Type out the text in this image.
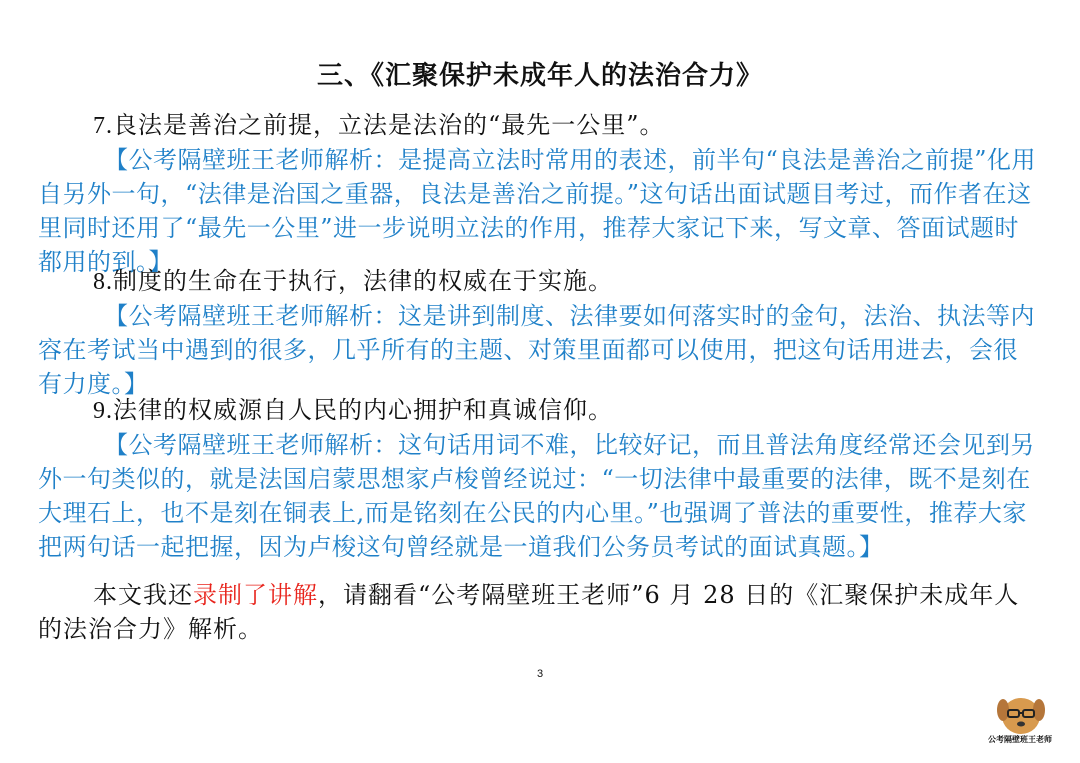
三、《汇聚保护未成年人的法治合力》

7.良法是善治之前提，立法是法治的“最先一公里”。

【公考隔壁班王老师解析：是提高立法时常用的表述，前半句“良法是善治之前提”化用自另外一句，“法律是治国之重器，良法是善治之前提。”这句话出面试题目考过，而作者在这里同时还用了“最先一公里”进一步说明立法的作用，推荐大家记下来，写文章、答面试题时都用的到。】

8.制度的生命在于执行，法律的权威在于实施。

【公考隔壁班王老师解析：这是讲到制度、法律要如何落实时的金句，法治、执法等内容在考试当中遇到的很多，几乎所有的主题、对策里面都可以使用，把这句话用进去，会很有力度。】

9.法律的权威源自人民的内心拥护和真诚信仰。

【公考隔壁班王老师解析：这句话用词不难，比较好记，而且普法角度经常还会见到另外一句类似的，就是法国启蒙思想家卢梭曾经说过：“一切法律中最重要的法律，既不是刻在大理石上，也不是刻在铜表上,而是铭刻在公民的内心里。”也强调了普法的重要性，推荐大家把两句话一起把握，因为卢梭这句曾经就是一道我们公务员考试的面试真题。】

本文我还录制了讲解，请翻看“公考隔壁班王老师”6 月 28 日的《汇聚保护未成年人的法治合力》解析。

3
公考隔壁班王老师
